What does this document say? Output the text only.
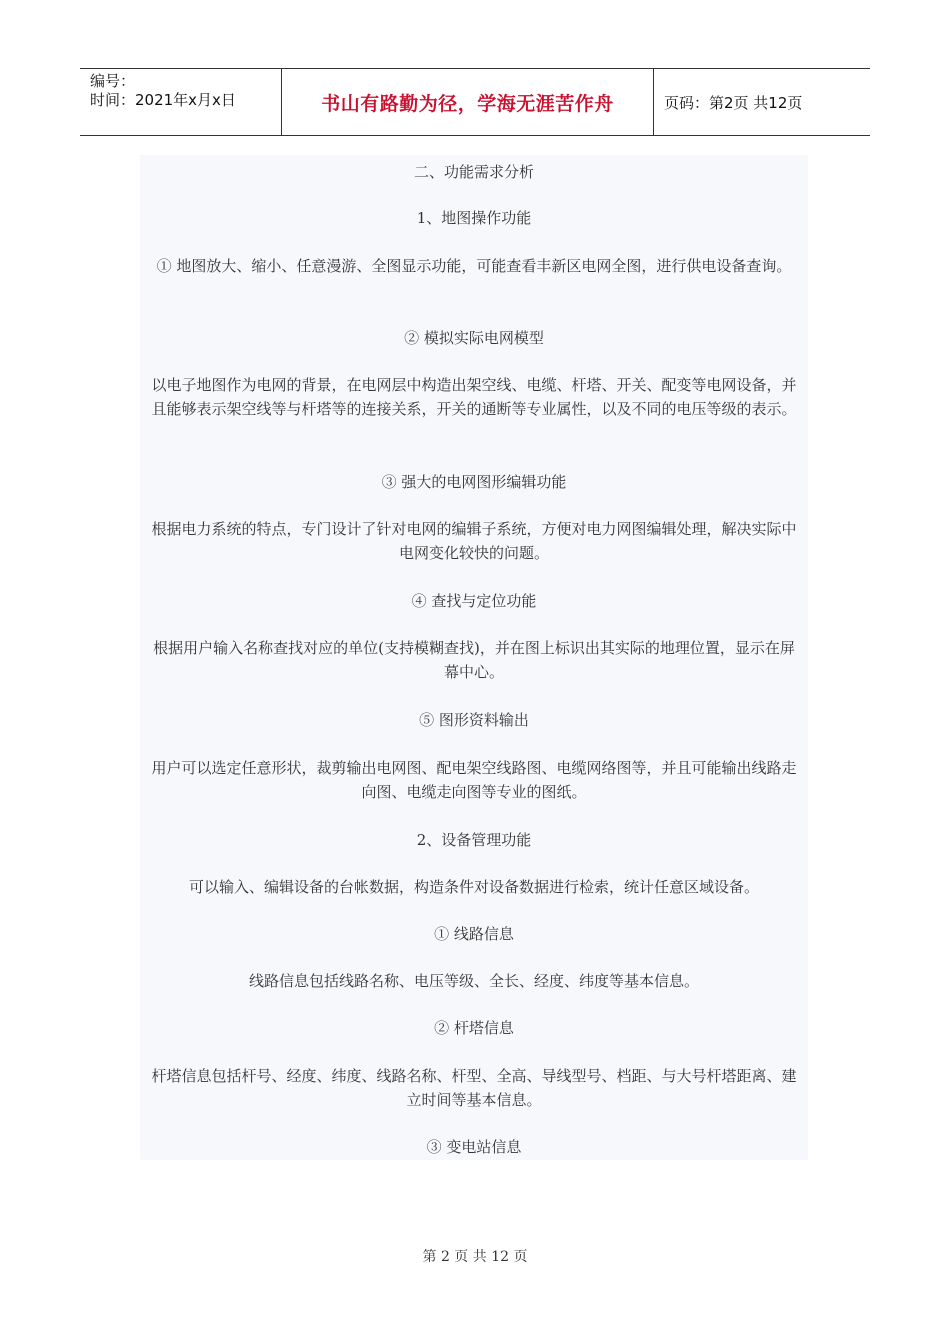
编号：
时间：2021年x月x日	书山有路勤为径，学海无涯苦作舟	页码：第2页 共12页
二、功能需求分析
1、地图操作功能
① 地图放大、缩小、任意漫游、全图显示功能，可能查看丰新区电网全图，进行供电设备查询。
② 模拟实际电网模型
以电子地图作为电网的背景，在电网层中构造出架空线、电缆、杆塔、开关、配变等电网设备，并且能够表示架空线等与杆塔等的连接关系，开关的通断等专业属性，以及不同的电压等级的表示。
③ 强大的电网图形编辑功能
根据电力系统的特点，专门设计了针对电网的编辑子系统，方便对电力网图编辑处理，解决实际中电网变化较快的问题。
④ 查找与定位功能
根据用户输入名称查找对应的单位(支持模糊查找)，并在图上标识出其实际的地理位置，显示在屏幕中心。
⑤ 图形资料输出
用户可以选定任意形状，裁剪输出电网图、配电架空线路图、电缆网络图等，并且可能输出线路走向图、电缆走向图等专业的图纸。
2、设备管理功能
可以输入、编辑设备的台帐数据，构造条件对设备数据进行检索，统计任意区域设备。
① 线路信息
线路信息包括线路名称、电压等级、全长、经度、纬度等基本信息。
② 杆塔信息
杆塔信息包括杆号、经度、纬度、线路名称、杆型、全高、导线型号、档距、与大号杆塔距离、建立时间等基本信息。
③ 变电站信息
第 2 页 共 12 页
